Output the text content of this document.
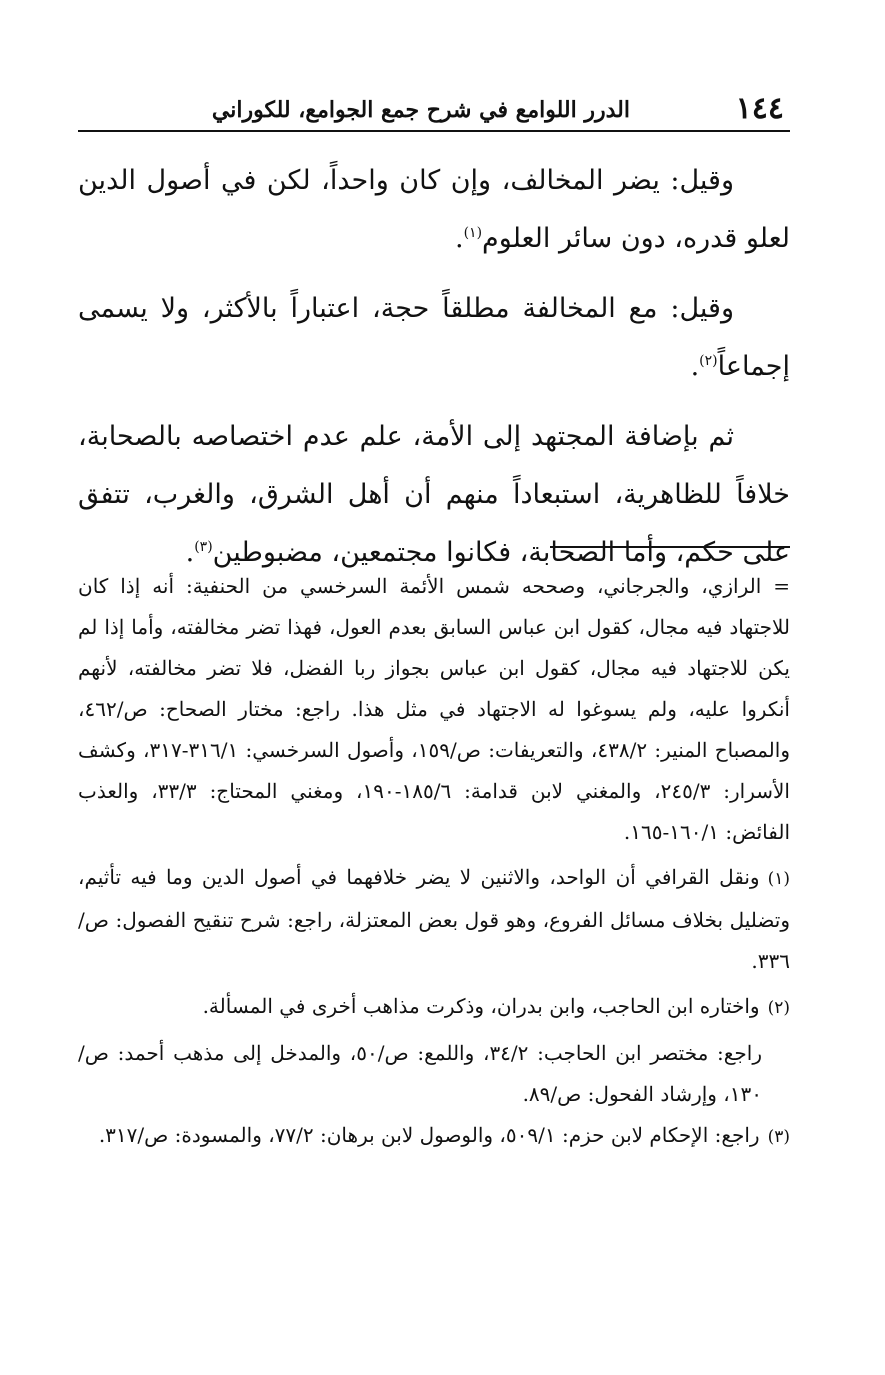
١٤٤
الدرر اللوامع في شرح جمع الجوامع، للكوراني

وقيل: يضر المخالف، وإن كان واحداً، لكن في أصول الدين لعلو قدره، دون سائر العلوم$^{(١)}$.

وقيل: مع المخالفة مطلقاً حجة، اعتباراً بالأكثر، ولا يسمى إجماعاً$^{(٢)}$.

ثم بإضافة المجتهد إلى الأمة، علم عدم اختصاصه بالصحابة، خلافاً للظاهرية، استبعاداً منهم أن أهل الشرق، والغرب، تتفق على حكم، وأما الصحابة، فكانوا مجتمعين، مضبوطين$^{(٣)}$.

= الرازي، والجرجاني، وصححه شمس الأئمة السرخسي من الحنفية: أنه إذا كان للاجتهاد فيه مجال، كقول ابن عباس السابق بعدم العول، فهذا تضر مخالفته، وأما إذا لم يكن للاجتهاد فيه مجال، كقول ابن عباس بجواز ربا الفضل، فلا تضر مخالفته، لأنهم أنكروا عليه، ولم يسوغوا له الاجتهاد في مثل هذا. راجع: مختار الصحاح: ص/٤٦٢، والمصباح المنير: ٤٣٨/٢، والتعريفات: ص/١٥٩، وأصول السرخسي: ٣١٦/١-٣١٧، وكشف الأسرار: ٢٤٥/٣، والمغني لابن قدامة: ١٨٥/٦-١٩٠، ومغني المحتاج: ٣٣/٣، والعذب الفائض: ١٦٠/١-١٦٥.

(١)ونقل القرافي أن الواحد، والاثنين لا يضر خلافهما في أصول الدين وما فيه تأثيم، وتضليل بخلاف مسائل الفروع، وهو قول بعض المعتزلة، راجع: شرح تنقيح الفصول: ص/٣٣٦.

(٢)واختاره ابن الحاجب، وابن بدران، وذكرت مذاهب أخرى في المسألة.

راجع: مختصر ابن الحاجب: ٣٤/٢، واللمع: ص/٥٠، والمدخل إلى مذهب أحمد: ص/١٣٠، وإرشاد الفحول: ص/٨٩.

(٣)راجع: الإحكام لابن حزم: ٥٠٩/١، والوصول لابن برهان: ٧٧/٢، والمسودة: ص/٣١٧.
